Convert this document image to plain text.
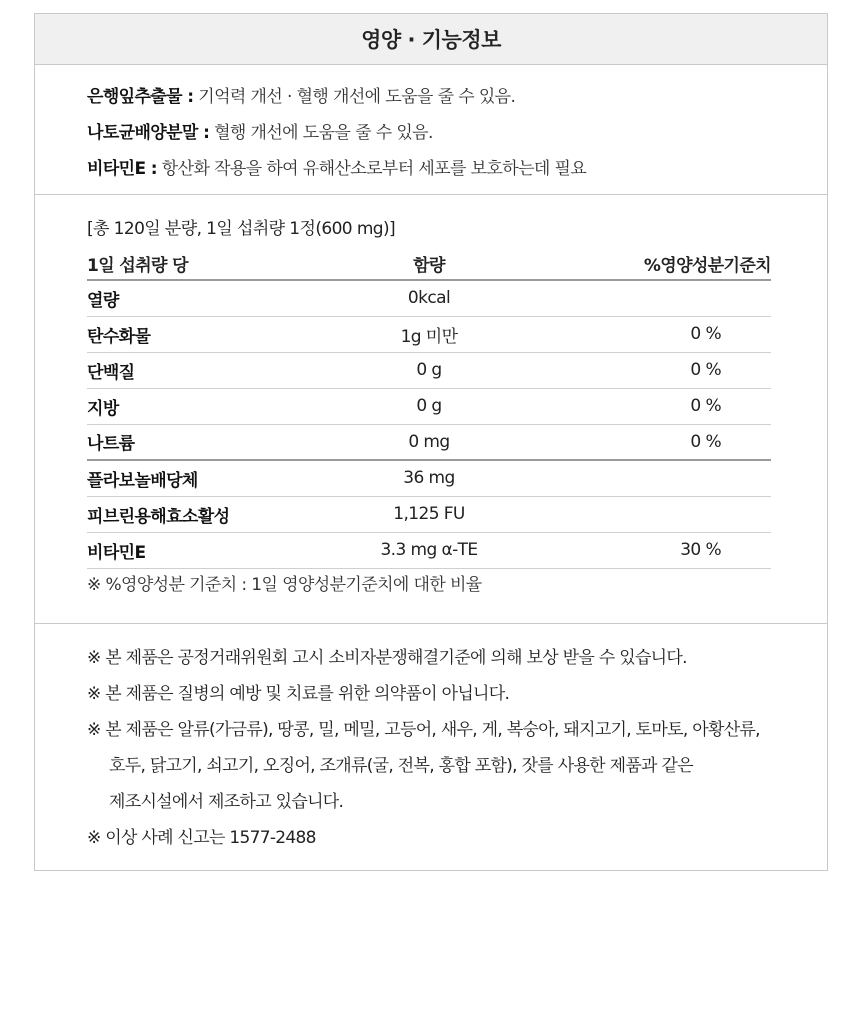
영양 · 기능정보
은행잎추출물 : 기억력 개선 · 혈행 개선에 도움을 줄 수 있음.
나토균배양분말 : 혈행 개선에 도움을 줄 수 있음.
비타민E : 항산화 작용을 하여 유해산소로부터 세포를 보호하는데 필요
[총 120일 분량, 1일 섭취량 1정(600 mg)]
1일 섭취량 당	함량	%영양성분기준치
열량	0kcal	
탄수화물	1g 미만	0 %
단백질	0 g	0 %
지방	0 g	0 %
나트륨	0 mg	0 %
플라보놀배당체	36 mg	
피브린용해효소활성	1,125 FU	
비타민E	3.3 mg α-TE	30 %
※ %영양성분 기준치 : 1일 영양성분기준치에 대한 비율
※ 본 제품은 공정거래위원회 고시 소비자분쟁해결기준에 의해 보상 받을 수 있습니다.
※ 본 제품은 질병의 예방 및 치료를 위한 의약품이 아닙니다.
※ 본 제품은 알류(가금류), 땅콩, 밀, 메밀, 고등어, 새우, 게, 복숭아, 돼지고기, 토마토, 아황산류,
호두, 닭고기, 쇠고기, 오징어, 조개류(굴, 전복, 홍합 포함), 잣를 사용한 제품과 같은
제조시설에서 제조하고 있습니다.
※ 이상 사례 신고는 1577-2488
